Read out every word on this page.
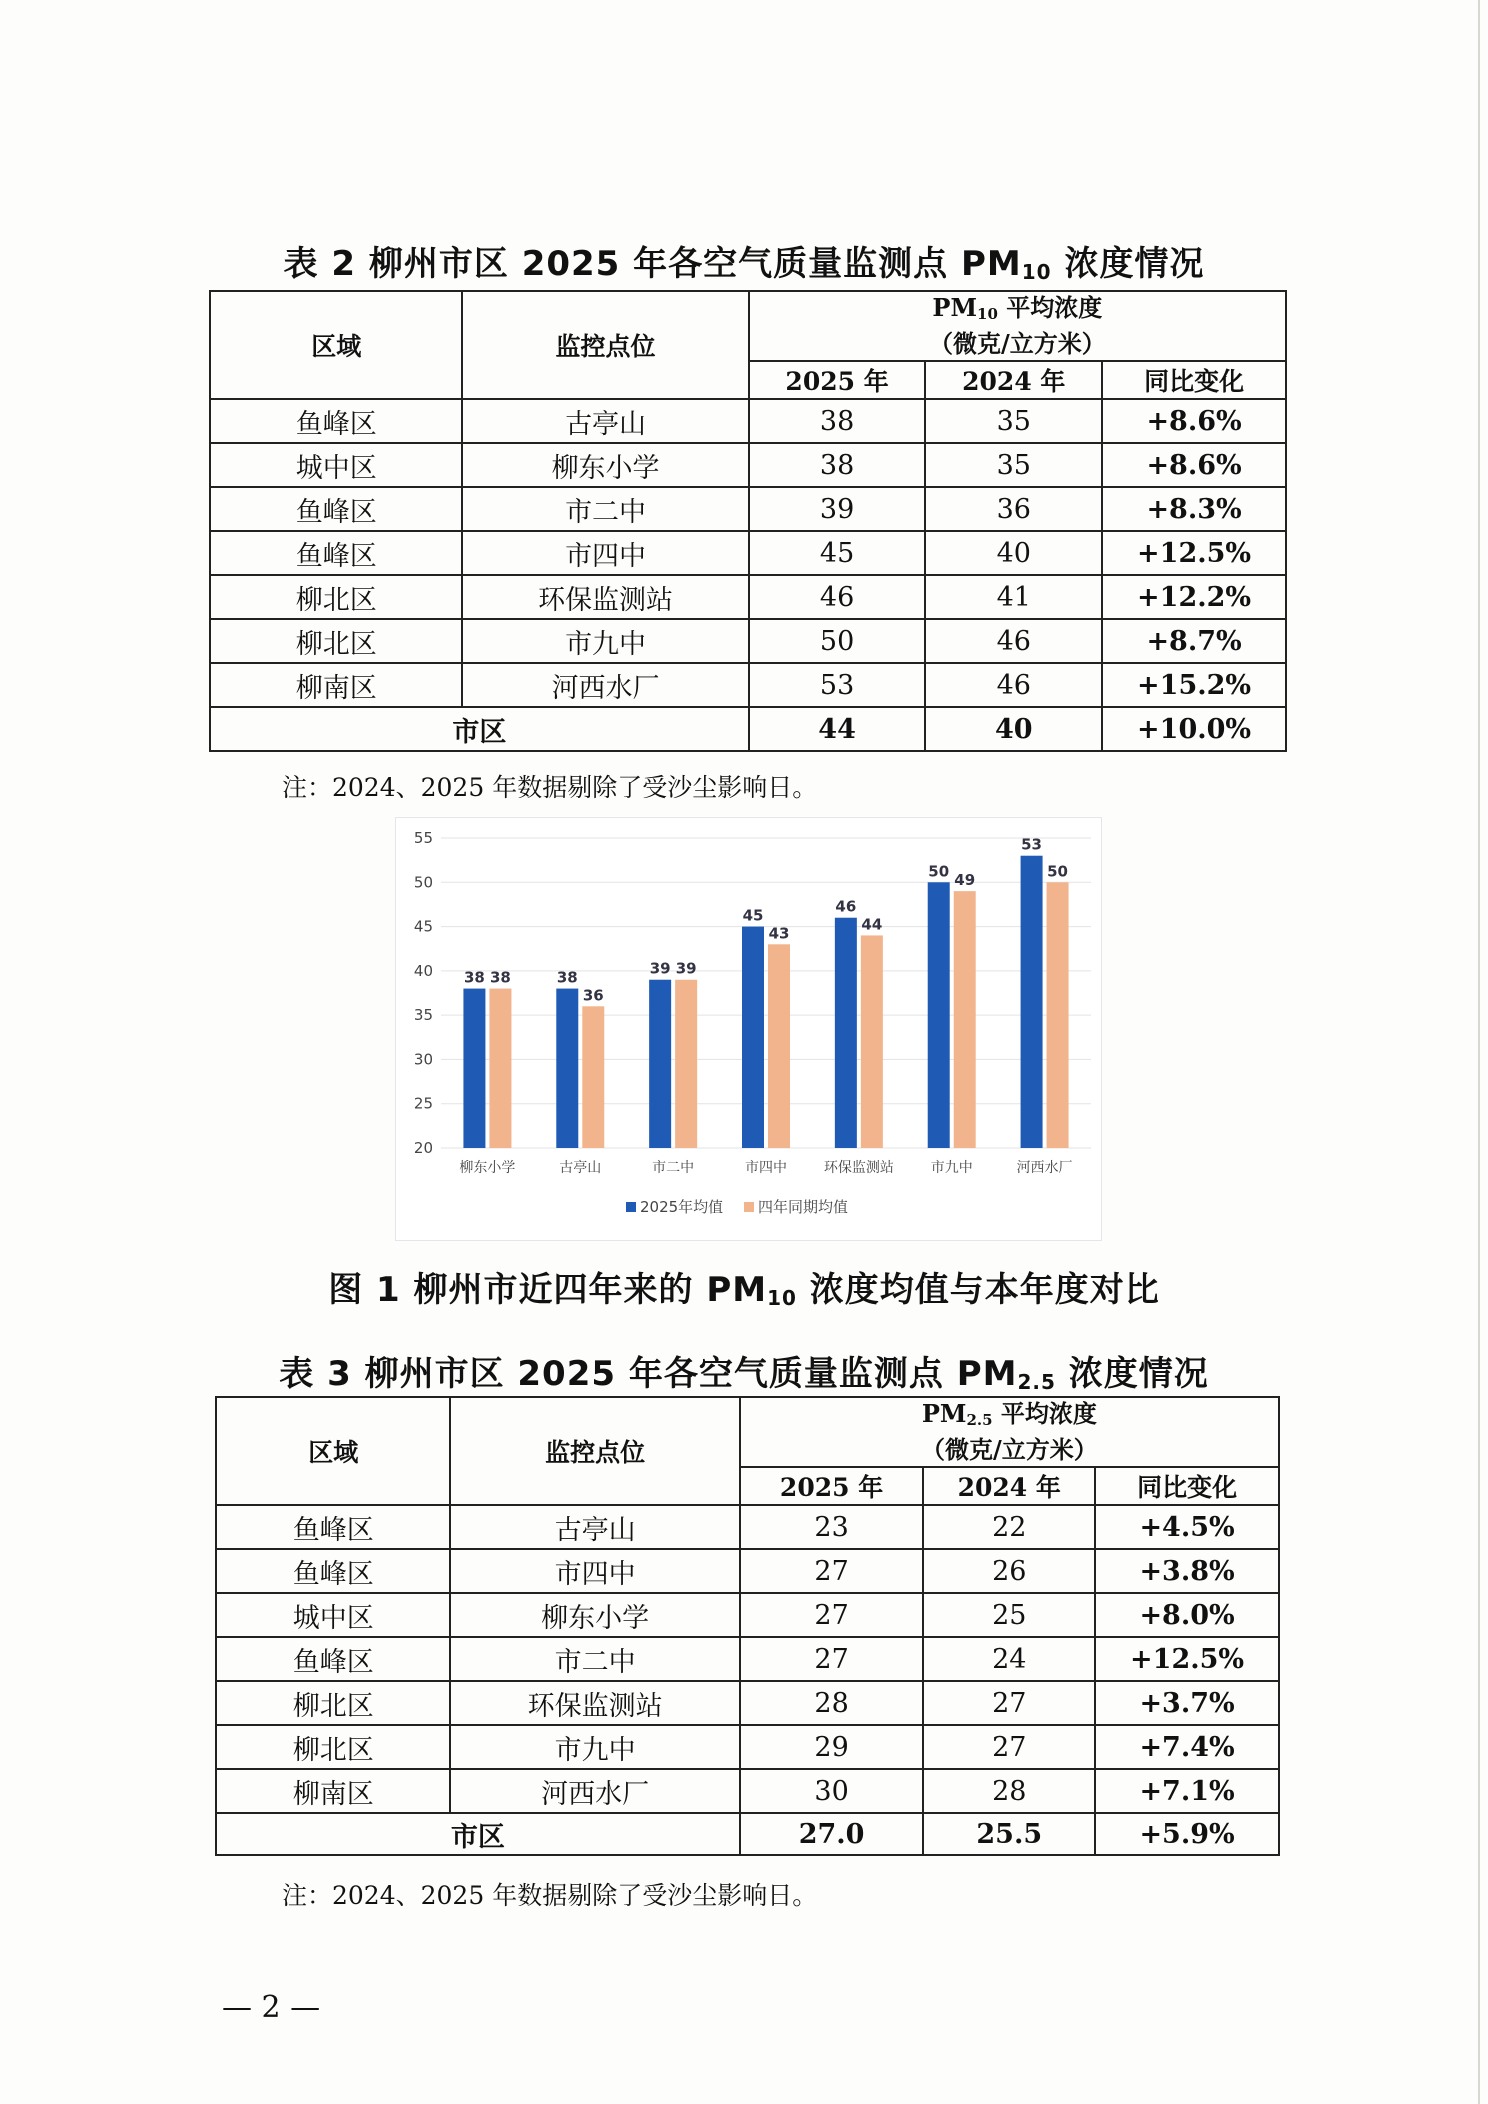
表 2 柳州市区 2025 年各空气质量监测点 $PM_{10}$ 浓度情况
区域	监控点位	$PM_{10}$ 平均浓度
（微克/立方米）		
		2025 年	2024 年	同比变化
鱼峰区	古亭山	38	35	+8.6%
城中区	柳东小学	38	35	+8.6%
鱼峰区	市二中	39	36	+8.3%
鱼峰区	市四中	45	40	+12.5%
柳北区	环保监测站	46	41	+12.2%
柳北区	市九中	50	46	+8.7%
柳南区	河西水厂	53	46	+15.2%
市区		44	40	+10.0%
注：2024、2025 年数据剔除了受沙尘影响日。
20
25
30
35
40
45
50
55
38 38
柳东小学
38
36
古亭山
39 39
市二中
45
43
市四中
46
44
环保监测站
50 49
市九中
53
50
河西水厂
2025年均值 四年同期均值
图 1 柳州市近四年来的 $PM_{10}$ 浓度均值与本年度对比
表 3 柳州市区 2025 年各空气质量监测点 $PM_{2.5}$ 浓度情况
区域	监控点位	$PM_{2.5}$ 平均浓度
（微克/立方米）		
		2025 年	2024 年	同比变化
鱼峰区	古亭山	23	22	+4.5%
鱼峰区	市四中	27	26	+3.8%
城中区	柳东小学	27	25	+8.0%
鱼峰区	市二中	27	24	+12.5%
柳北区	环保监测站	28	27	+3.7%
柳北区	市九中	29	27	+7.4%
柳南区	河西水厂	30	28	+7.1%
市区		27.0	25.5	+5.9%
注：2024、2025 年数据剔除了受沙尘影响日。
— 2 —
